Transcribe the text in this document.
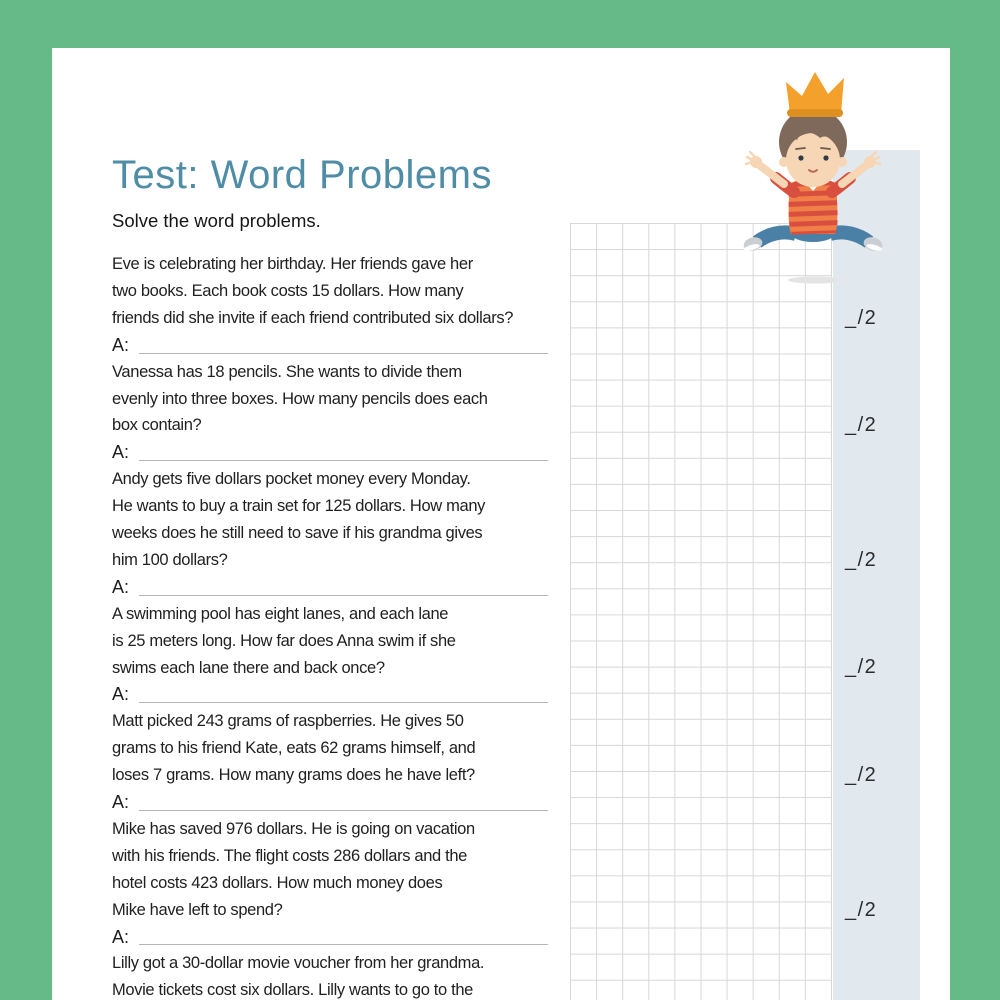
Test: Word Problems
Solve the word problems.
Eve is celebrating her birthday. Her friends gave her
two books. Each book costs 15 dollars. How many
friends did she invite if each friend contributed six dollars?
A:
_/2
Vanessa has 18 pencils. She wants to divide them
evenly into three boxes. How many pencils does each
box contain?
A:
_/2
Andy gets five dollars pocket money every Monday.
He wants to buy a train set for 125 dollars. How many
weeks does he still need to save if his grandma gives
him 100 dollars?
A:
_/2
A swimming pool has eight lanes, and each lane
is 25 meters long. How far does Anna swim if she
swims each lane there and back once?
A:
_/2
Matt picked 243 grams of raspberries. He gives 50
grams to his friend Kate, eats 62 grams himself, and
loses 7 grams. How many grams does he have left?
A:
_/2
Mike has saved 976 dollars. He is going on vacation
with his friends. The flight costs 286 dollars and the
hotel costs 423 dollars. How much money does
Mike have left to spend?
A:
_/2
Lilly got a 30-dollar movie voucher from her grandma.
Movie tickets cost six dollars. Lilly wants to go to the
